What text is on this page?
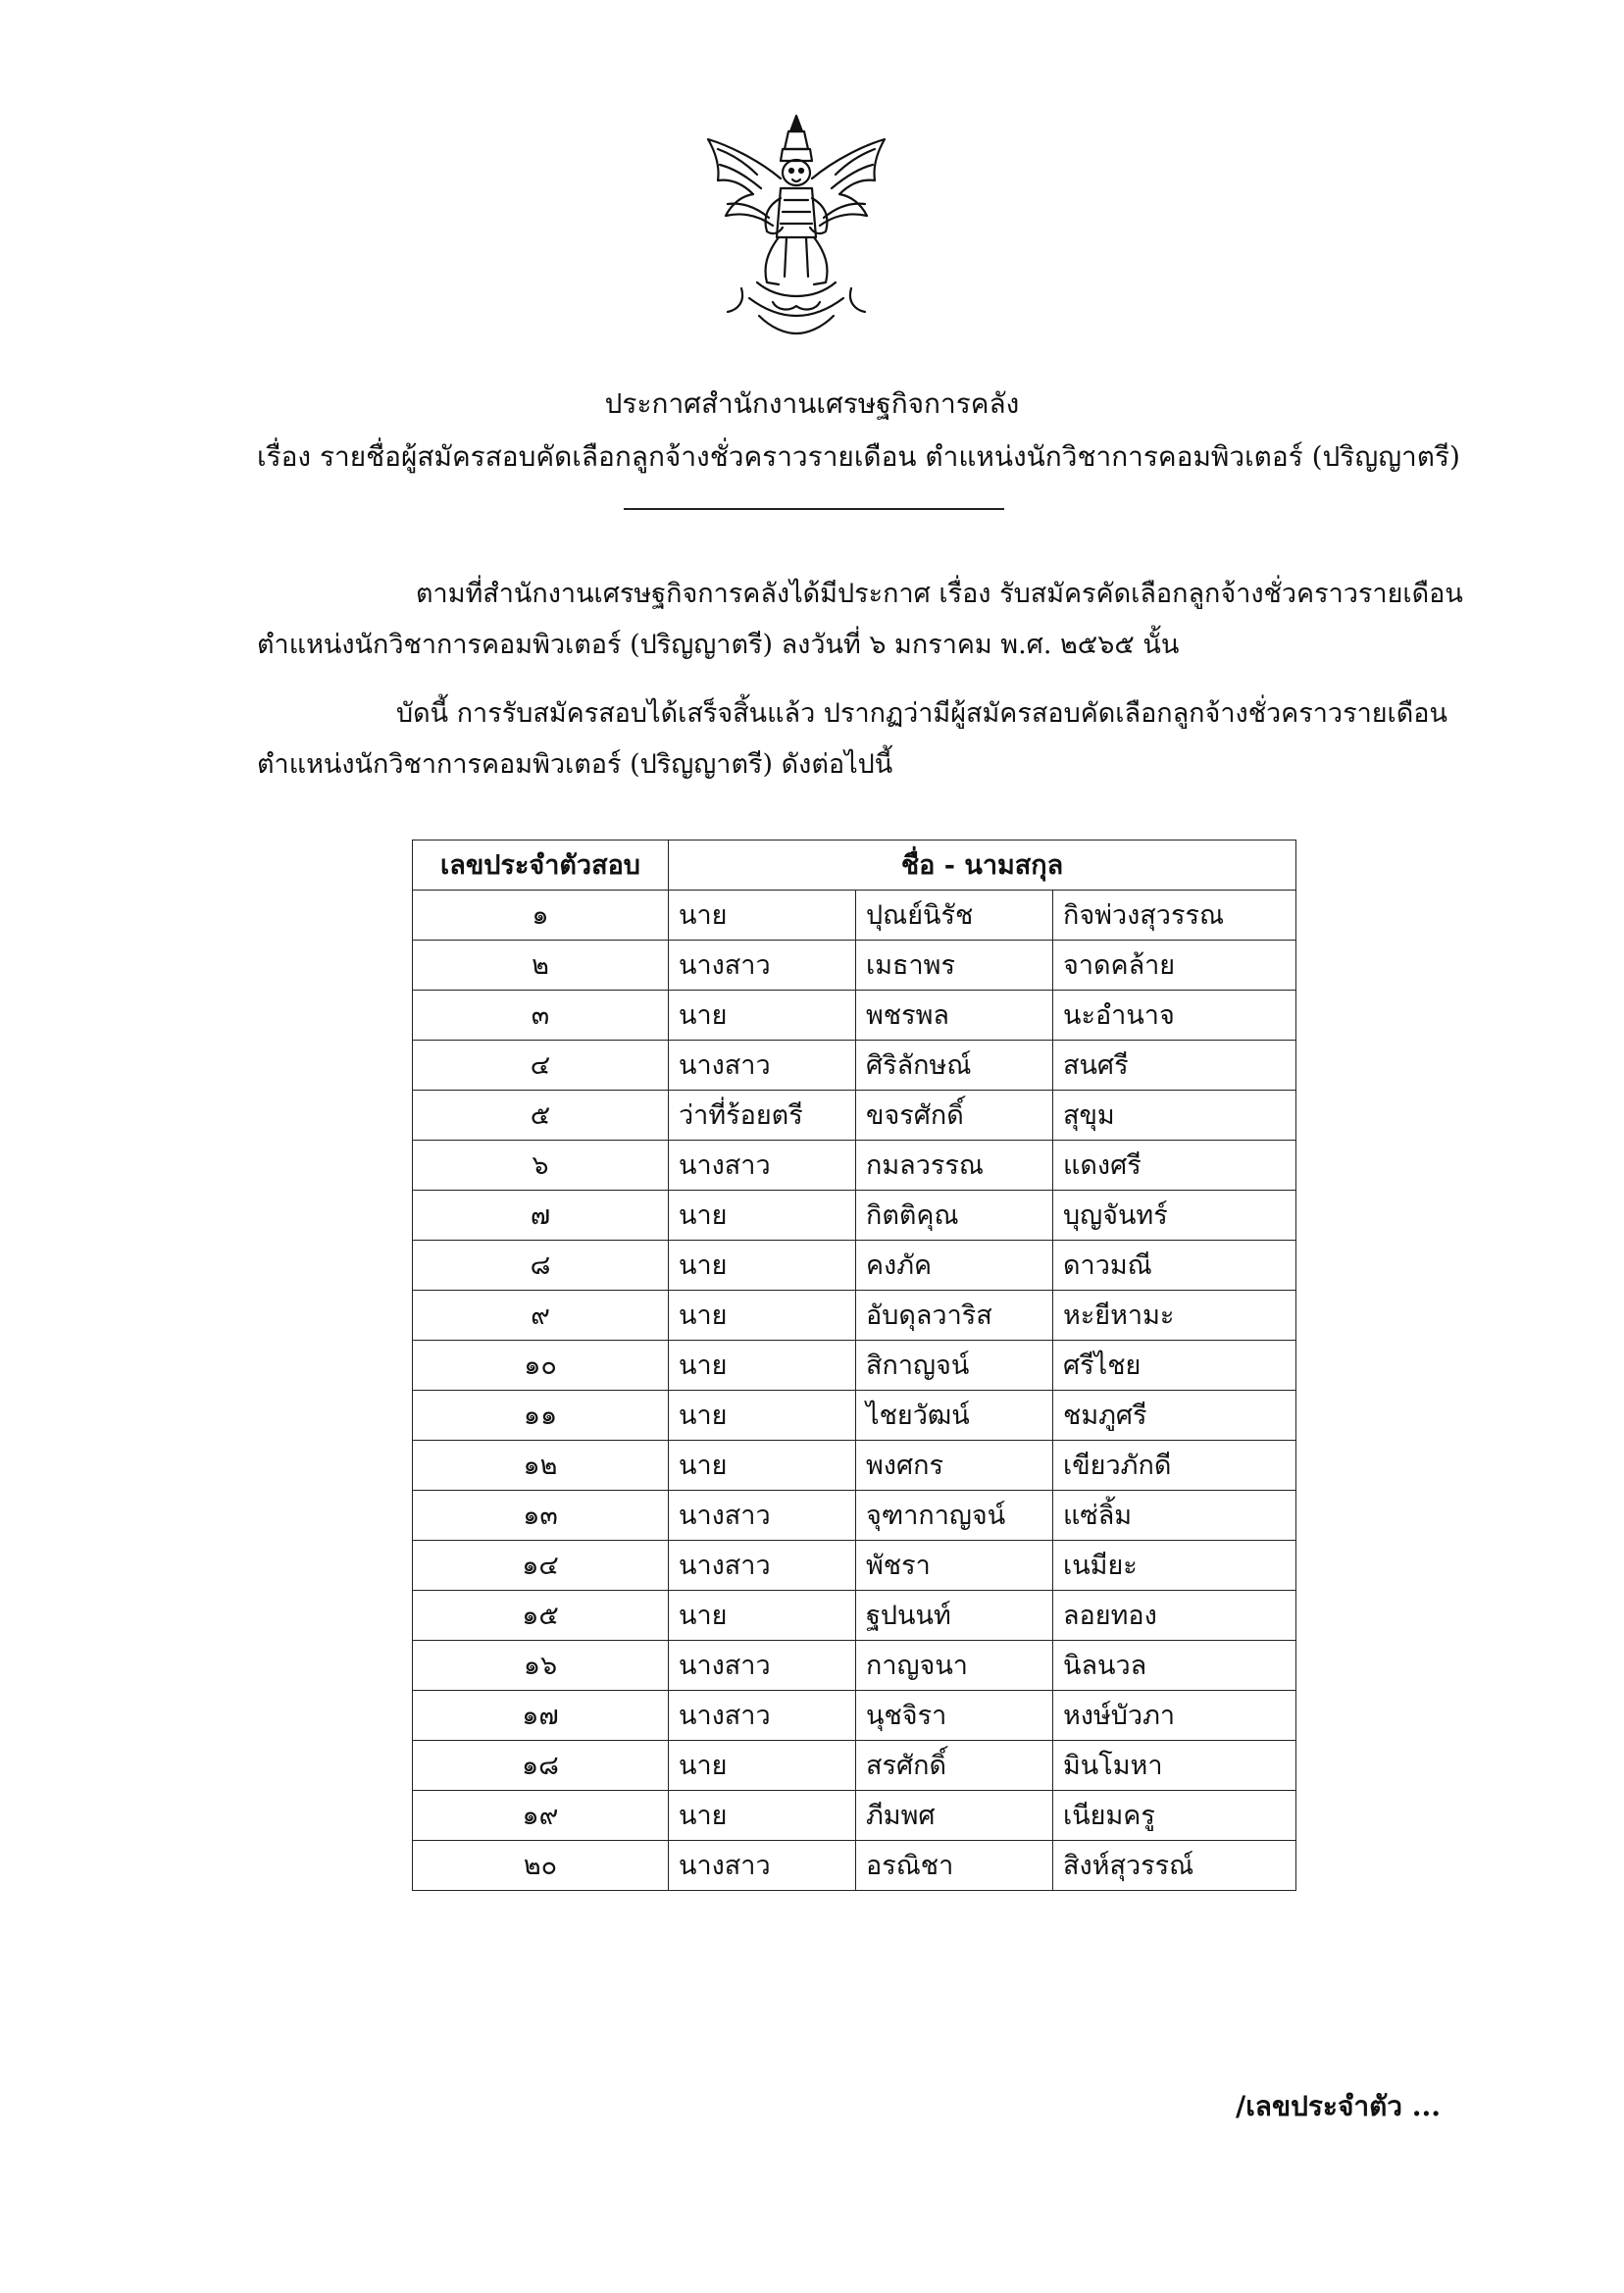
ประกาศสำนักงานเศรษฐกิจการคลัง
เรื่อง รายชื่อผู้สมัครสอบคัดเลือกลูกจ้างชั่วคราวรายเดือน ตำแหน่งนักวิชาการคอมพิวเตอร์ (ปริญญาตรี)
ตามที่สำนักงานเศรษฐกิจการคลังได้มีประกาศ เรื่อง รับสมัครคัดเลือกลูกจ้างชั่วคราวรายเดือน
ตำแหน่งนักวิชาการคอมพิวเตอร์ (ปริญญาตรี) ลงวันที่ ๖ มกราคม พ.ศ. ๒๕๖๕ นั้น
บัดนี้ การรับสมัครสอบได้เสร็จสิ้นแล้ว ปรากฏว่ามีผู้สมัครสอบคัดเลือกลูกจ้างชั่วคราวรายเดือน
ตำแหน่งนักวิชาการคอมพิวเตอร์ (ปริญญาตรี) ดังต่อไปนี้
เลขประจำตัวสอบ	ชื่อ - นามสกุล		
๑	นาย	ปุณย์นิรัช	กิจพ่วงสุวรรณ
๒	นางสาว	เมธาพร	จาดคล้าย
๓	นาย	พชรพล	นะอำนาจ
๔	นางสาว	ศิริลักษณ์	สนศรี
๕	ว่าที่ร้อยตรี	ขจรศักดิ์	สุขุม
๖	นางสาว	กมลวรรณ	แดงศรี
๗	นาย	กิตติคุณ	บุญจันทร์
๘	นาย	คงภัค	ดาวมณี
๙	นาย	อับดุลวาริส	หะยีหามะ
๑๐	นาย	สิกาญจน์	ศรีไชย
๑๑	นาย	ไชยวัฒน์	ชมภูศรี
๑๒	นาย	พงศกร	เขียวภักดี
๑๓	นางสาว	จุฑากาญจน์	แซ่ลิ้ม
๑๔	นางสาว	พัชรา	เนมียะ
๑๕	นาย	ฐปนนท์	ลอยทอง
๑๖	นางสาว	กาญจนา	นิลนวล
๑๗	นางสาว	นุชจิรา	หงษ์บัวภา
๑๘	นาย	สรศักดิ์	มินโมหา
๑๙	นาย	ภีมพศ	เนียมครู
๒๐	นางสาว	อรณิชา	สิงห์สุวรรณ์
/เลขประจำตัว ...
